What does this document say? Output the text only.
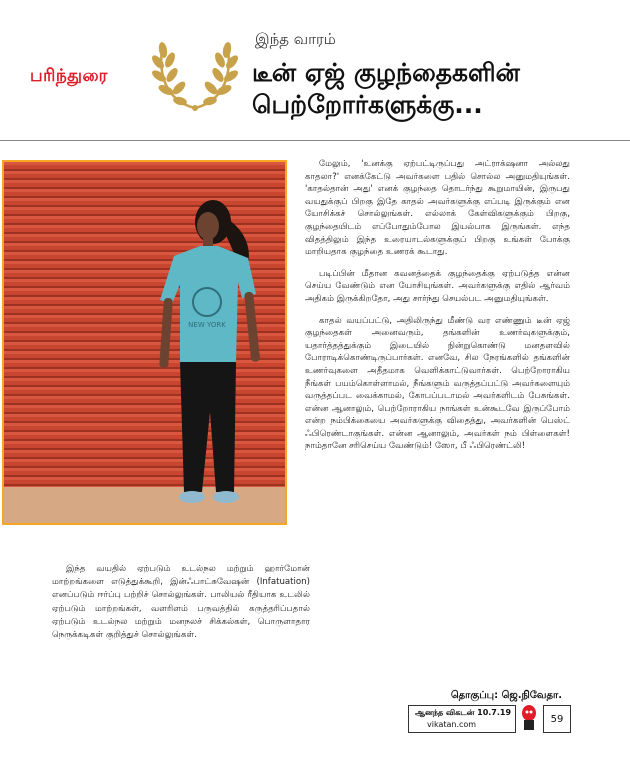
பரிந்துரை
இந்த வாரம்
டீன் ஏஜ் குழந்தைகளின்
பெற்றோர்களுக்கு...
NEW YORK
இந்த வயதில் ஏற்படும் உடல்நல மற்றும் ஹார்மோன் மாற்றங்களை எடுத்துக்கூறி, இன்ஃபாட்சுவேஷன் (Infatuation) எனப்படும் ஈர்ப்பு பற்றிச் சொல்லுங்கள். பாலியல் ரீதியாக உடலில் ஏற்படும் மாற்றங்கள், வளரிளம் பருவத்தில் கருத்தரிப்பதால் ஏற்படும் உடல்நல மற்றும் மனநலச் சிக்கல்கள், பொருளாதார நெருக்கடிகள் குறித்துச் சொல்லுங்கள்.

மேலும், 'உனக்கு ஏற்பட்டிருப்பது அட்ராக்‌ஷனா அல்லது காதலா?' எனக்கேட்டு அவர்களை பதில் சொல்ல அனுமதியுங்கள். 'காதல்தான் அது' எனக் குழந்தை தொடர்ந்து கூறுமாயின், இருபது வயதுக்குப் பிறகு இதே காதல் அவர்களுக்கு எப்படி இருக்கும் என யோசிக்கச் சொல்லுங்கள். எல்லாக் கேள்விகளுக்கும் பிறகு, குழந்தையிடம் எப்போதும்போல இயல்பாக இருங்கள். எந்த விதத்திலும் இந்த உரையாடல்களுக்குப் பிறகு உங்கள் போக்கு மாறியதாக குழந்தை உணரக் கூடாது.

படிப்பின் மீதான கவனத்தைக் குழந்தைக்கு ஏற்படுத்த என்ன செய்ய வேண்டும் என யோசியுங்கள். அவர்களுக்கு எதில் ஆர்வம் அதிகம் இருக்கிறதோ, அது சார்ந்து செயல்பட அனுமதியுங்கள்.

காதல் வயப்பட்டு, அதிலிருந்து மீண்டு வர எண்ணும் டீன் ஏஜ் குழந்தைகள் அனைவரும், தங்களின் உணர்வுகளுக்கும், யதார்த்தத்துக்கும் இடையில் நின்றுகொண்டு மனதளவில் போராடிக்கொண்டிருப்பார்கள். எனவே, சில நேரங்களில் தங்களின் உணர்வுகளை அதீதமாக வெளிக்காட்டுவார்கள். பெற்றோராகிய நீங்கள் பயம்கொள்ளாமல், நீங்களும் வருத்தப்பட்டு அவர்களையும் வருத்தப்பட வைக்காமல், கோபப்படாமல் அவர்களிடம் பேசுங்கள். என்ன ஆனாலும், பெற்றோராகிய நாங்கள் உன்கூடவே இருப்போம் என்ற நம்பிக்கையை அவர்களுக்கு விதைத்து, அவர்களின் பெஸ்ட் ஃபிரெண்டாகுங்கள். என்ன ஆனாலும், அவர்கள் நம் பிள்ளைகள்! நாம்தானே சரிசெய்ய வேண்டும்! ஸோ, பீ ஃபிரெண்ட்லி!

தொகுப்பு: ஜெ.நிவேதா.
ஆனந்த விகடன் 10.7.19
vikatan.com	59
